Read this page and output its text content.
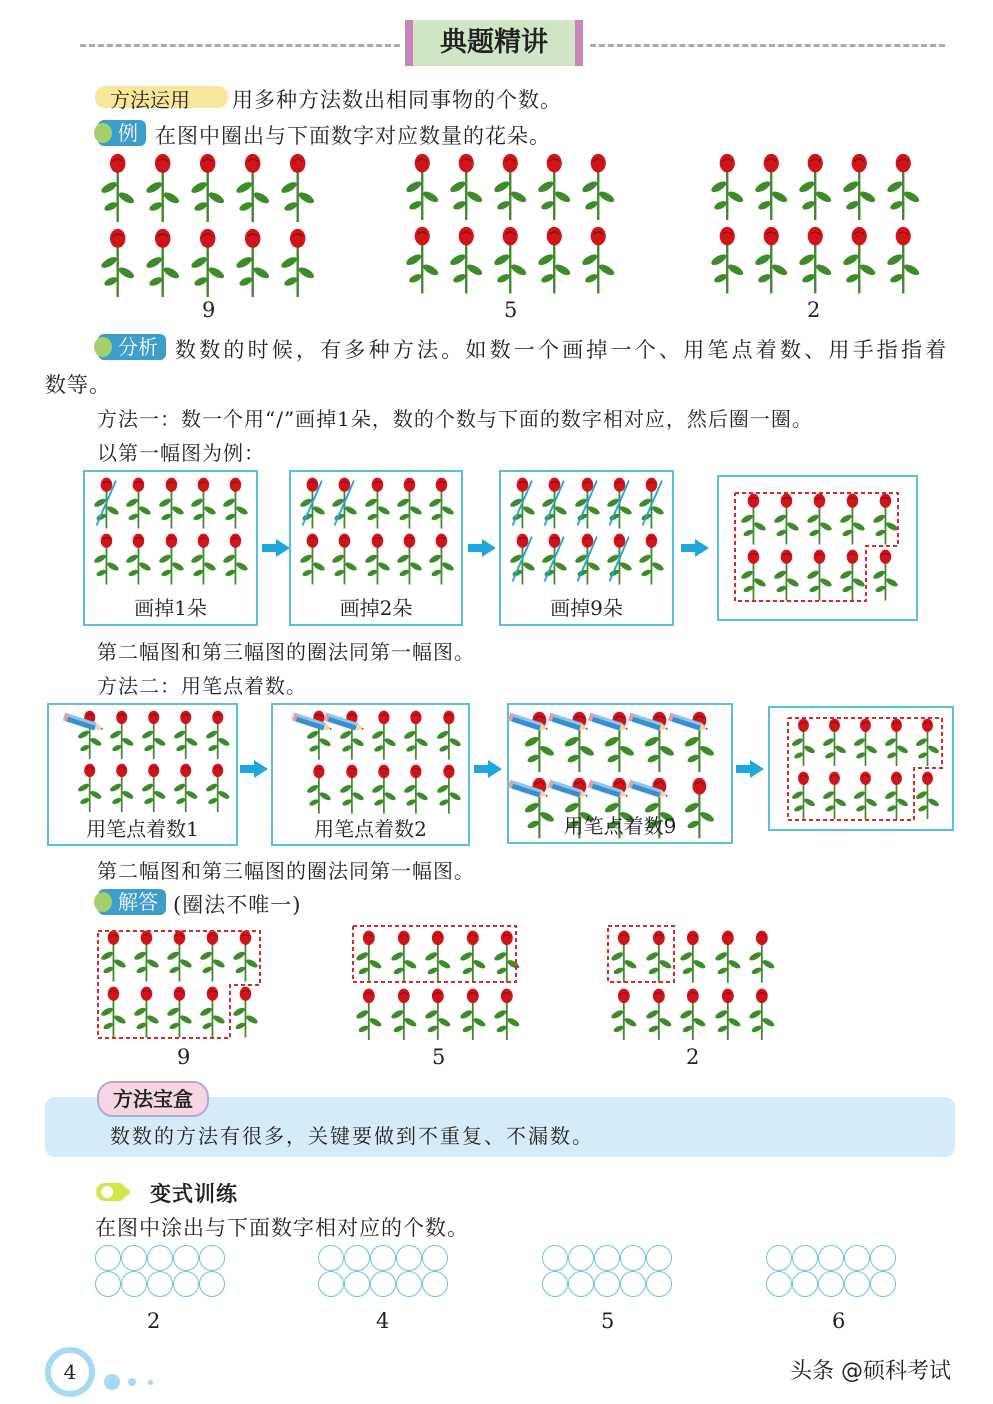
典题精讲
方法运用 用多种方法数出相同事物的个数。
例 在图中圈出与下面数字对应数量的花朵。
9	5	2
分析 数数的时候，有多种方法。如数一个画掉一个、用笔点着数、用手指指着
数等。
方法一：数一个用“/”画掉1朵，数的个数与下面的数字相对应，然后圈一圈。
以第一幅图为例：
画掉1朵	画掉2朵	画掉9朵
第二幅图和第三幅图的圈法同第一幅图。
方法二：用笔点着数。
用笔点着数1	用笔点着数2	用笔点着数9
第二幅图和第三幅图的圈法同第一幅图。
解答 (圈法不唯一)
9	5	2
方法宝盒
数数的方法有很多，关键要做到不重复、不漏数。
变式训练
在图中涂出与下面数字相对应的个数。
2	4	5	6
4	头条 @硕科考试
